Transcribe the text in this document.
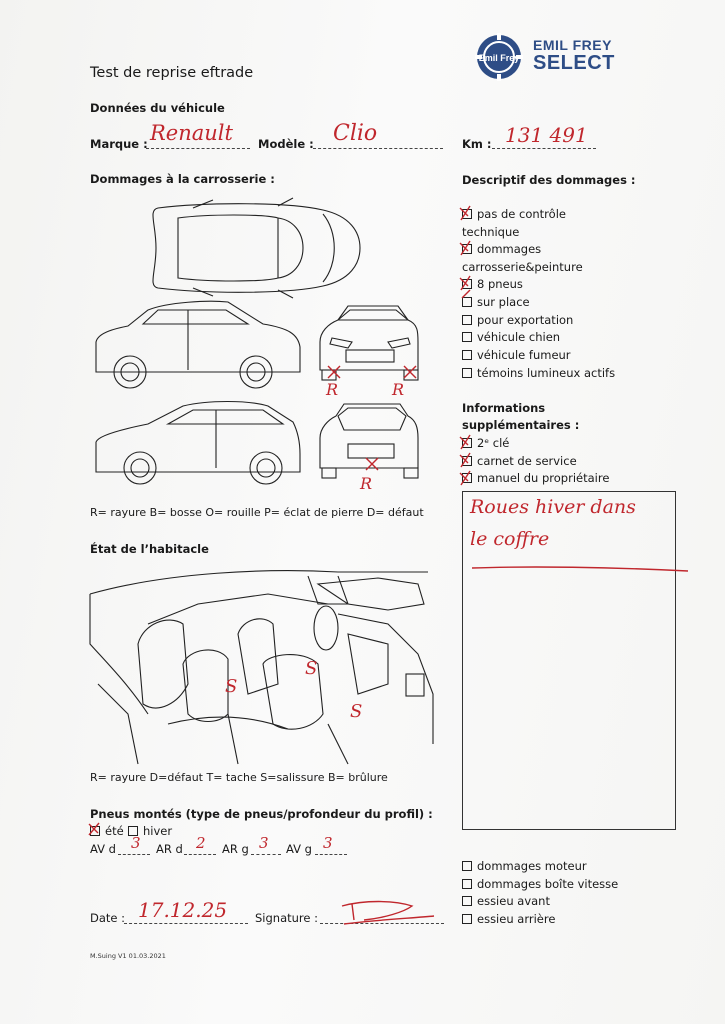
Emil Frey
EMIL FREY
SELECT
Test de reprise eftrade
Données du véhicule
Marque : Renault Modèle : Clio	Km : 131 491
Dommages à la carrosserie :
R	R
R
R= rayure B= bosse O= rouille P= éclat de pierre D= défaut
Descriptif des dommages :
pas de contrôle
technique
dommages
carrosserie&peinture
8 pneus
sur place
pour exportation
véhicule chien
véhicule fumeur
témoins lumineux actifs
Informations
supplémentaires :
2ᵉ clé
carnet de service
manuel du propriétaire
Roues hiver dans
le coffre
État de l’habitacle
S
S
S
R= rayure D=défaut T= tache S=salissure B= brûlure
Pneus montés (type de pneus/profondeur du profil) :
été	hiver
AV d 3 AR d 2 AR g 3 AV g 3
dommages moteur
dommages boîte vitesse
essieu avant
essieu arrière
Date : 17.12.25 Signature :
M.Suing V1 01.03.2021
